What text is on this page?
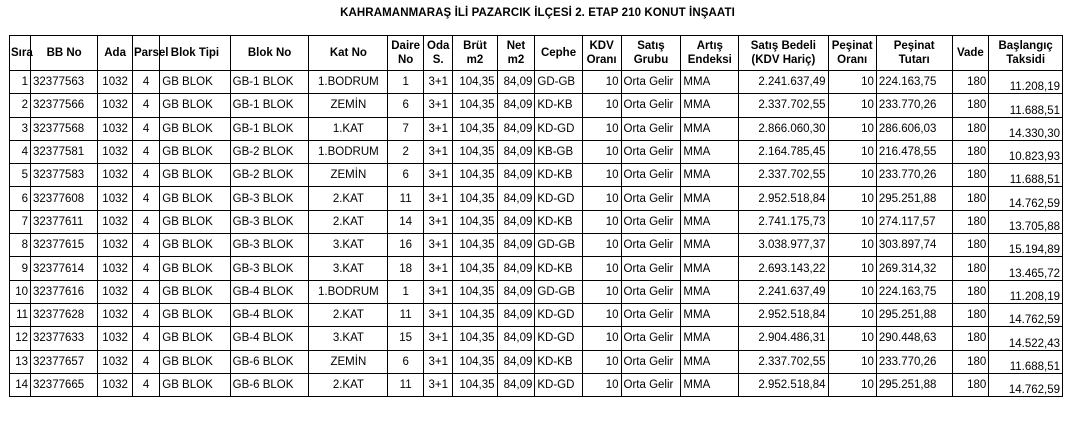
KAHRAMANMARAŞ İLİ PAZARCIK İLÇESİ 2. ETAP 210 KONUT İNŞAATI
Sıra	BB No	Ada	Parsel	Blok Tipi	Blok No	Kat No	Daire No	Oda S.	Brüt m2	Net m2	Cephe	KDV Oranı	Satış Grubu	Artış Endeksi	Satış Bedeli (KDV Hariç)	Peşinat Oranı	Peşinat Tutarı	Vade	Başlangıç Taksidi
1	32377563	1032	4	GB BLOK	GB-1 BLOK	1.BODRUM	1	3+1	104,35	84,09	GD-GB	10	Orta Gelir	MMA	2.241.637,49	10	224.163,75	180	11.208,19
2	32377566	1032	4	GB BLOK	GB-1 BLOK	ZEMİN	6	3+1	104,35	84,09	KD-KB	10	Orta Gelir	MMA	2.337.702,55	10	233.770,26	180	11.688,51
3	32377568	1032	4	GB BLOK	GB-1 BLOK	1.KAT	7	3+1	104,35	84,09	KD-GD	10	Orta Gelir	MMA	2.866.060,30	10	286.606,03	180	14.330,30
4	32377581	1032	4	GB BLOK	GB-2 BLOK	1.BODRUM	2	3+1	104,35	84,09	KB-GB	10	Orta Gelir	MMA	2.164.785,45	10	216.478,55	180	10.823,93
5	32377583	1032	4	GB BLOK	GB-2 BLOK	ZEMİN	6	3+1	104,35	84,09	KD-KB	10	Orta Gelir	MMA	2.337.702,55	10	233.770,26	180	11.688,51
6	32377608	1032	4	GB BLOK	GB-3 BLOK	2.KAT	11	3+1	104,35	84,09	KD-GD	10	Orta Gelir	MMA	2.952.518,84	10	295.251,88	180	14.762,59
7	32377611	1032	4	GB BLOK	GB-3 BLOK	2.KAT	14	3+1	104,35	84,09	KD-KB	10	Orta Gelir	MMA	2.741.175,73	10	274.117,57	180	13.705,88
8	32377615	1032	4	GB BLOK	GB-3 BLOK	3.KAT	16	3+1	104,35	84,09	GD-GB	10	Orta Gelir	MMA	3.038.977,37	10	303.897,74	180	15.194,89
9	32377614	1032	4	GB BLOK	GB-3 BLOK	3.KAT	18	3+1	104,35	84,09	KD-KB	10	Orta Gelir	MMA	2.693.143,22	10	269.314,32	180	13.465,72
10	32377616	1032	4	GB BLOK	GB-4 BLOK	1.BODRUM	1	3+1	104,35	84,09	GD-GB	10	Orta Gelir	MMA	2.241.637,49	10	224.163,75	180	11.208,19
11	32377628	1032	4	GB BLOK	GB-4 BLOK	2.KAT	11	3+1	104,35	84,09	KD-GD	10	Orta Gelir	MMA	2.952.518,84	10	295.251,88	180	14.762,59
12	32377633	1032	4	GB BLOK	GB-4 BLOK	3.KAT	15	3+1	104,35	84,09	KD-GD	10	Orta Gelir	MMA	2.904.486,31	10	290.448,63	180	14.522,43
13	32377657	1032	4	GB BLOK	GB-6 BLOK	ZEMİN	6	3+1	104,35	84,09	KD-KB	10	Orta Gelir	MMA	2.337.702,55	10	233.770,26	180	11.688,51
14	32377665	1032	4	GB BLOK	GB-6 BLOK	2.KAT	11	3+1	104,35	84,09	KD-GD	10	Orta Gelir	MMA	2.952.518,84	10	295.251,88	180	14.762,59
